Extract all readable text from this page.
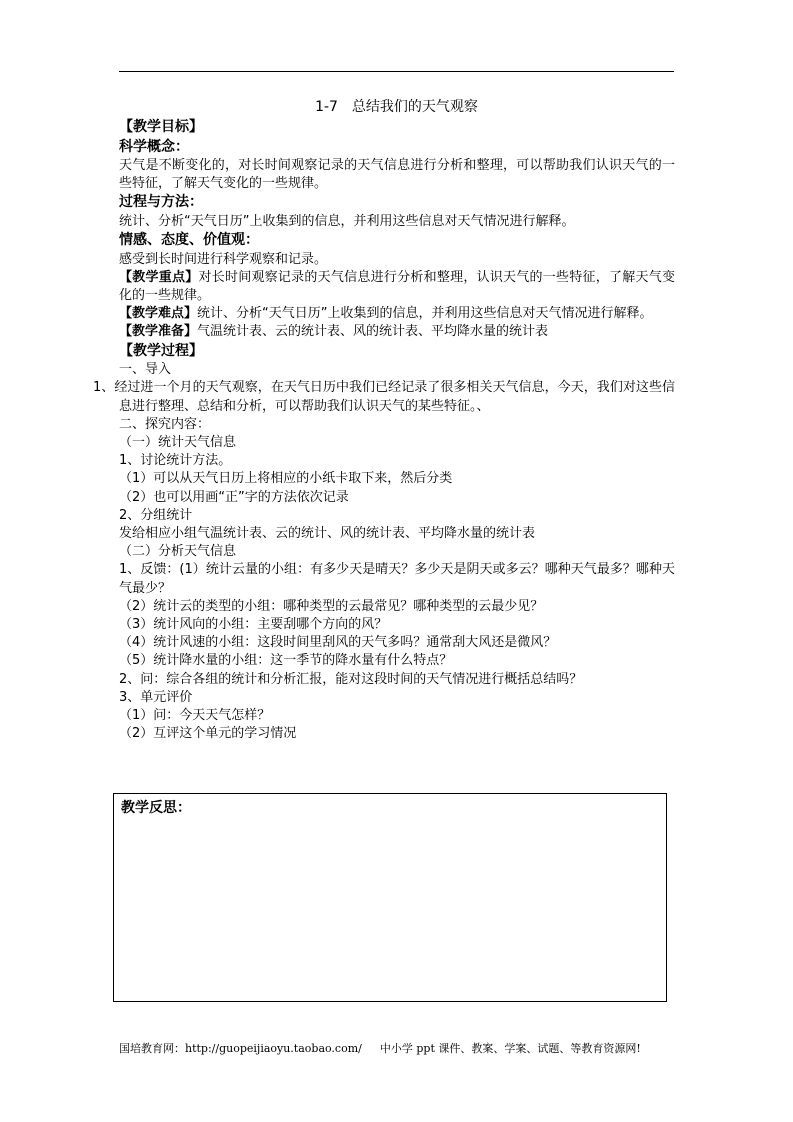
1-7　总结我们的天气观察

【教学目标】

科学概念：

天气是不断变化的，对长时间观察记录的天气信息进行分析和整理，可以帮助我们认识天气的一些特征，了解天气变化的一些规律。

过程与方法：

统计、分析“天气日历”上收集到的信息，并利用这些信息对天气情况进行解释。

情感、态度、价值观：

感受到长时间进行科学观察和记录。

【教学重点】对长时间观察记录的天气信息进行分析和整理，认识天气的一些特征，了解天气变化的一些规律。

【教学难点】统计、分析“天气日历”上收集到的信息，并利用这些信息对天气情况进行解释。

【教学准备】气温统计表、云的统计表、风的统计表、平均降水量的统计表

【教学过程】

一、导入

1、经过进一个月的天气观察，在天气日历中我们已经记录了很多相关天气信息，今天，我们对这些信息进行整理、总结和分析，可以帮助我们认识天气的某些特征。、

二、探究内容：

（一）统计天气信息

1、讨论统计方法。

（1）可以从天气日历上将相应的小纸卡取下来，然后分类

（2）也可以用画“正”字的方法依次记录

2、分组统计

发给相应小组气温统计表、云的统计、风的统计表、平均降水量的统计表

（二）分析天气信息

1、反馈：(1）统计云量的小组：有多少天是晴天？多少天是阴天或多云？哪种天气最多？哪种天气最少？

（2）统计云的类型的小组：哪种类型的云最常见？哪种类型的云最少见？

（3）统计风向的小组：主要刮哪个方向的风？

（4）统计风速的小组：这段时间里刮风的天气多吗？通常刮大风还是微风？

（5）统计降水量的小组：这一季节的降水量有什么特点？

2、问：综合各组的统计和分析汇报，能对这段时间的天气情况进行概括总结吗？

3、单元评价

（1）问：今天天气怎样？

（2）互评这个单元的学习情况

教学反思：
国培教育网：http://guopeijiaoyu.taobao.com/ 中小学 ppt 课件、教案、学案、试题、等教育资源网!
